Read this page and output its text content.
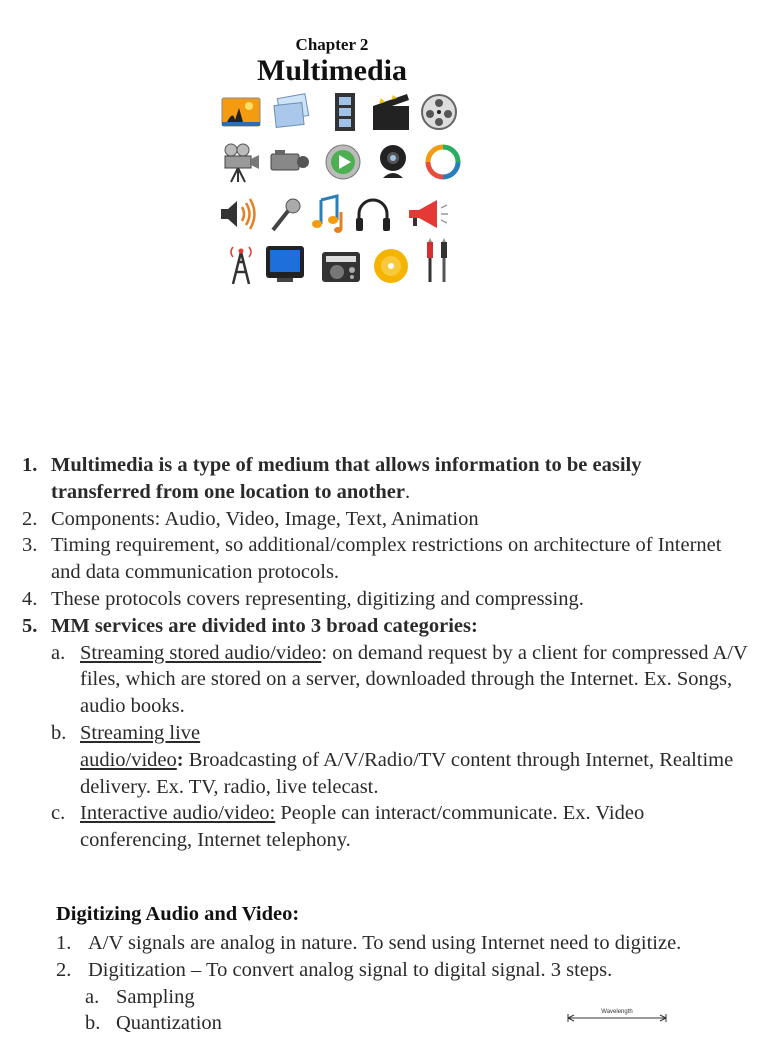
Chapter 2
Multimedia
1. Multimedia is a type of medium that allows information to be easily transferred from one location to another.
2. Components: Audio, Video, Image, Text, Animation
3. Timing requirement, so additional/complex restrictions on architecture of Internet and data communication protocols.
4. These protocols covers representing, digitizing and compressing.
5. MM services are divided into 3 broad categories:
a. Streaming stored audio/video: on demand request by a client for compressed A/V files, which are stored on a server, downloaded through the Internet. Ex. Songs, audio books.
b. Streaming live
audio/video: Broadcasting of A/V/Radio/TV content through Internet, Realtime delivery. Ex. TV, radio, live telecast.
c. Interactive audio/video: People can interact/communicate. Ex. Video conferencing, Internet telephony.
Digitizing Audio and Video:
1. A/V signals are analog in nature. To send using Internet need to digitize.
2. Digitization – To convert analog signal to digital signal. 3 steps.
a. Sampling
b. Quantization
Wavelength
